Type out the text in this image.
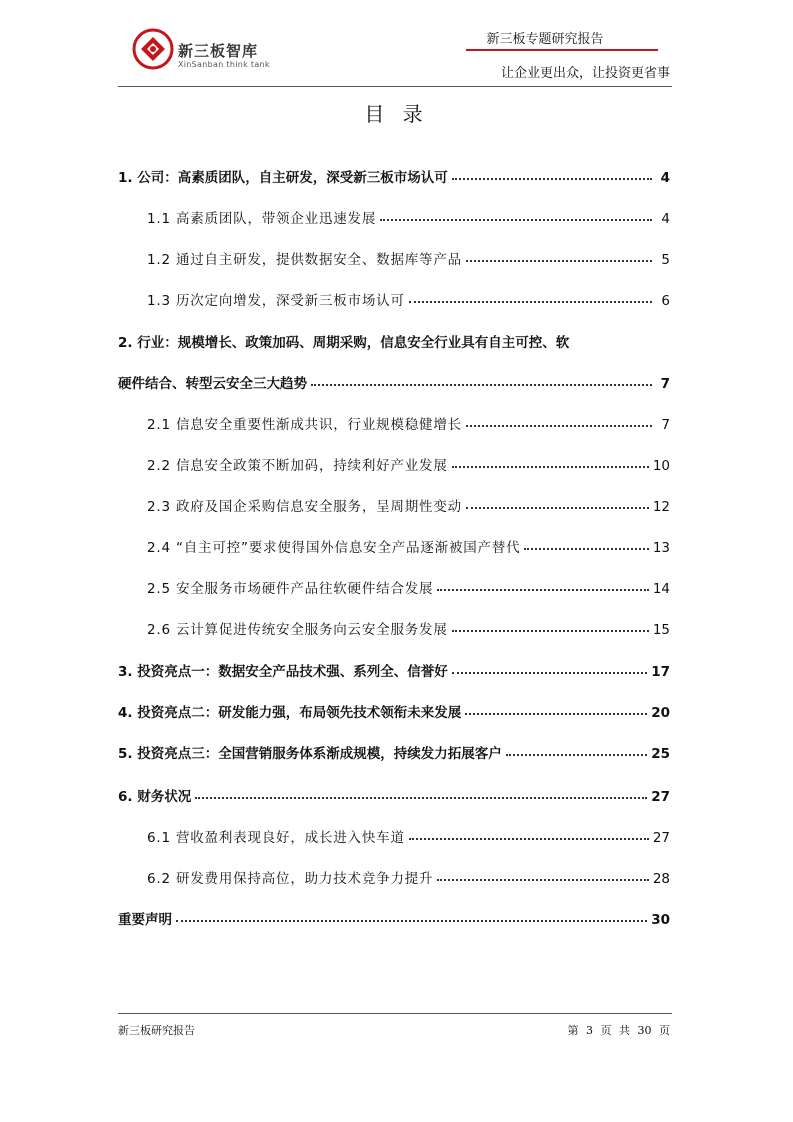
新三板智库
XinSanban think tank
新三板专题研究报告
让企业更出众，让投资更省事
目 录
1. 公司：高素质团队，自主研发，深受新三板市场认可	4
1.1 高素质团队，带领企业迅速发展	4
1.2 通过自主研发，提供数据安全、数据库等产品	5
1.3 历次定向增发，深受新三板市场认可	6
2. 行业：规模增长、政策加码、周期采购，信息安全行业具有自主可控、软
硬件结合、转型云安全三大趋势	7
2.1 信息安全重要性渐成共识，行业规模稳健增长	7
2.2 信息安全政策不断加码，持续利好产业发展	10
2.3 政府及国企采购信息安全服务，呈周期性变动	12
2.4 “自主可控”要求使得国外信息安全产品逐渐被国产替代	13
2.5 安全服务市场硬件产品往软硬件结合发展	14
2.6 云计算促进传统安全服务向云安全服务发展	15
3. 投资亮点一：数据安全产品技术强、系列全、信誉好	17
4. 投资亮点二：研发能力强，布局领先技术领衔未来发展	20
5. 投资亮点三：全国营销服务体系渐成规模，持续发力拓展客户	25
6. 财务状况	27
6.1 营收盈利表现良好，成长进入快车道	27
6.2 研发费用保持高位，助力技术竞争力提升	28
重要声明	30
新三板研究报告	第 3 页 共 30 页
